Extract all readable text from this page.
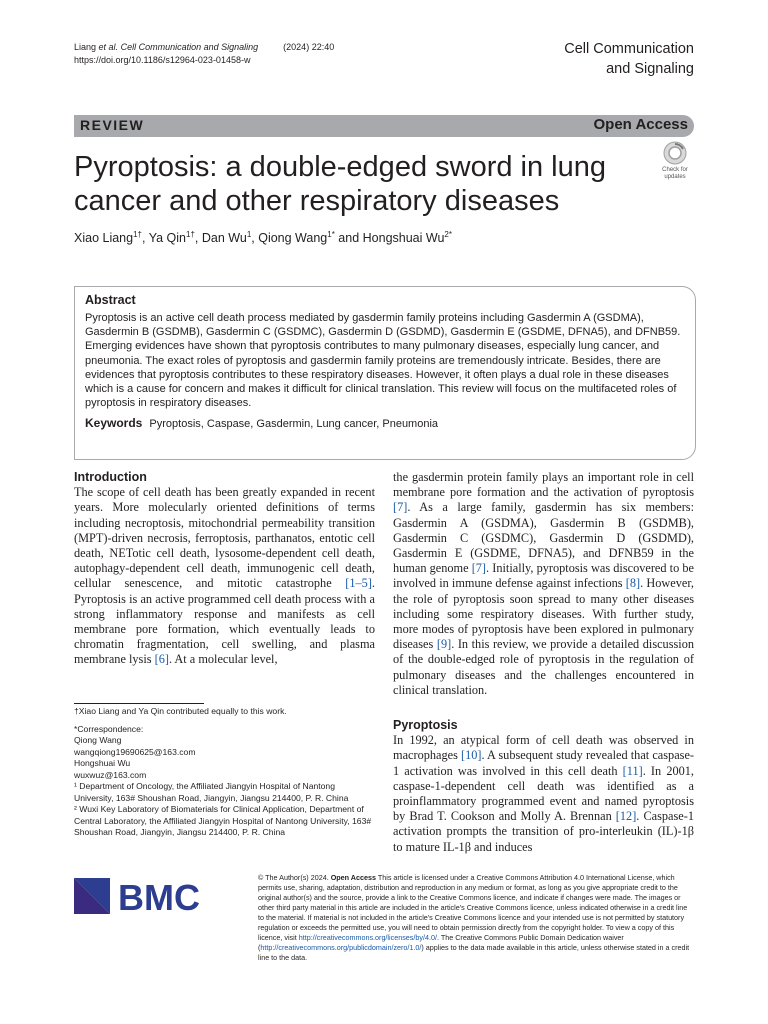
Liang et al. Cell Communication and Signaling	(2024) 22:40
https://doi.org/10.1186/s12964-023-01458-w
Cell Communication
and Signaling
REVIEW	Open Access
Pyroptosis: a double-edged sword in lung cancer and other respiratory diseases
Check for
updates
Xiao Liang$^{1\dagger}$, Ya Qin$^{1\dagger}$, Dan Wu$^1$, Qiong Wang$^{1*}$ and Hongshuai $Wu^{2*}$
Abstract

Pyroptosis is an active cell death process mediated by gasdermin family proteins including Gasdermin A (GSDMA), Gasdermin B (GSDMB), Gasdermin C (GSDMC), Gasdermin D (GSDMD), Gasdermin E (GSDME, DFNA5), and DFNB59. Emerging evidences have shown that pyroptosis contributes to many pulmonary diseases, especially lung cancer, and pneumonia. The exact roles of pyroptosis and gasdermin family proteins are tremendously intricate. Besides, there are evidences that pyroptosis contributes to these respiratory diseases. However, it often plays a dual role in these diseases which is a cause for concern and makes it difficult for clinical translation. This review will focus on the multifaceted roles of pyroptosis in respiratory diseases.

Keywords Pyroptosis, Caspase, Gasdermin, Lung cancer, Pneumonia
Introduction

The scope of cell death has been greatly expanded in recent years. More molecularly oriented definitions of terms including necroptosis, mitochondrial permeability transition (MPT)-driven necrosis, ferroptosis, parthanatos, entotic cell death, NETotic cell death, lysosome-dependent cell death, autophagy-dependent cell death, immunogenic cell death, cellular senescence, and mitotic catastrophe [1–5]. Pyroptosis is an active programmed cell death process with a strong inflammatory response and manifests as cell membrane pore formation, which eventually leads to chromatin fragmentation, cell swelling, and plasma membrane lysis [6]. At a molecular level,

the gasdermin protein family plays an important role in cell membrane pore formation and the activation of pyroptosis [7]. As a large family, gasdermin has six members: Gasdermin A (GSDMA), Gasdermin B (GSDMB), Gasdermin C (GSDMC), Gasdermin D (GSDMD), Gasdermin E (GSDME, DFNA5), and DFNB59 in the human genome [7]. Initially, pyroptosis was discovered to be involved in immune defense against infections [8]. However, the role of pyroptosis soon spread to many other diseases including some respiratory diseases. With further study, more modes of pyroptosis have been explored in pulmonary diseases [9]. In this review, we provide a detailed discussion of the double-edged role of pyroptosis in the regulation of pulmonary diseases and the challenges encountered in clinical translation.

Pyroptosis

In 1992, an atypical form of cell death was observed in macrophages [10]. A subsequent study revealed that caspase-1 activation was involved in this cell death [11]. In 2001, caspase-1-dependent cell death was identified as a proinflammatory programmed event and named pyroptosis by Brad T. Cookson and Molly A. Brennan [12]. Caspase-1 activation prompts the transition of pro-interleukin (IL)-1β to mature IL-1β and induces

†Xiao Liang and Ya Qin contributed equally to this work.

*Correspondence:

Qiong Wang

wangqiong19690625@163.com

Hongshuai Wu

wuxwuz@163.com

¹ Department of Oncology, the Affiliated Jiangyin Hospital of Nantong University, 163# Shoushan Road, Jiangyin, Jiangsu 214400, P. R. China

² Wuxi Key Laboratory of Biomaterials for Clinical Application, Department of Central Laboratory, the Affiliated Jiangyin Hospital of Nantong University, 163# Shoushan Road, Jiangyin, Jiangsu 214400, P. R. China

BMC	© The Author(s) 2024. Open Access This article is licensed under a Creative Commons Attribution 4.0 International License, which permits use, sharing, adaptation, distribution and reproduction in any medium or format, as long as you give appropriate credit to the original author(s) and the source, provide a link to the Creative Commons licence, and indicate if changes were made. The images or other third party material in this article are included in the article's Creative Commons licence, unless indicated otherwise in a credit line to the material. If material is not included in the article's Creative Commons licence and your intended use is not permitted by statutory regulation or exceeds the permitted use, you will need to obtain permission directly from the copyright holder. To view a copy of this licence, visit http://creativecommons.org/licenses/by/4.0/. The Creative Commons Public Domain Dedication waiver (http://creativecommons.org/publicdomain/zero/1.0/) applies to the data made available in this article, unless otherwise stated in a credit line to the data.
